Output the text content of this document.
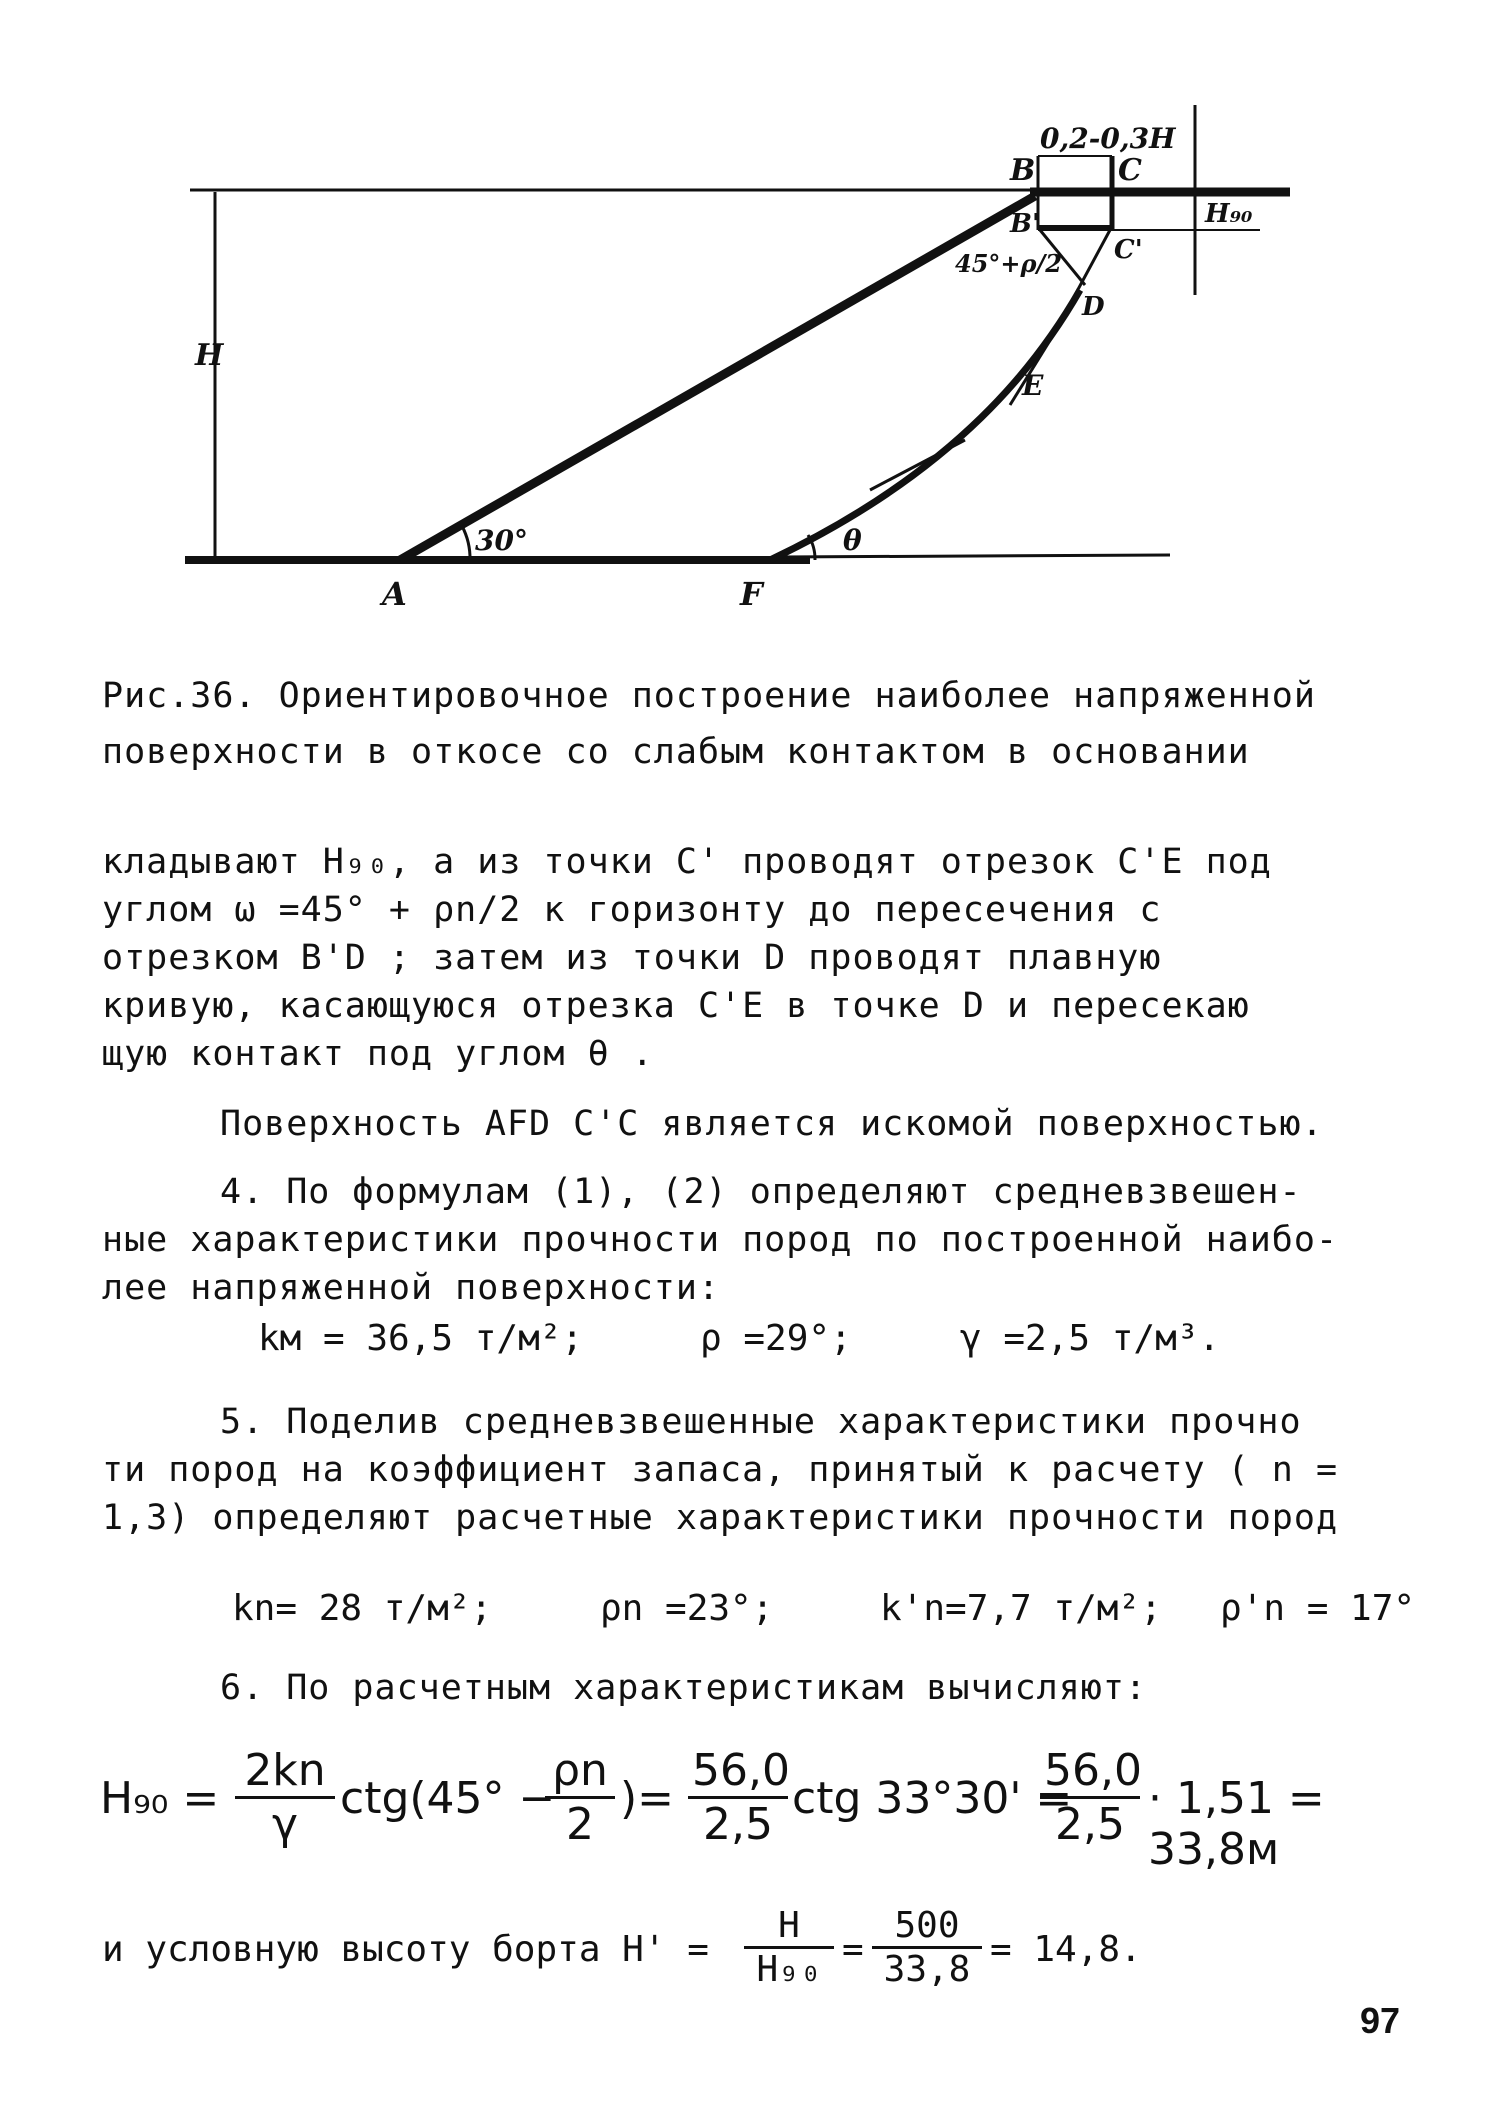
B	C
0,2-0,3H
H₉₀
B'
C'
45°+ρ/2
D
E
H
30°	θ
A	F
Рис.36. Ориентировочное построение наиболее напряженной
поверхности в откосе со слабым контактом в основании
кладывают H₉₀, а из точки C' проводят отрезок C'E под
углом ω =45° + ρn/2 к горизонту до пересечения с
отрезком B'D ; затем из точки D проводят плавную
кривую, касающуюся отрезка C'E в точке D и пересекаю
щую контакт под углом θ .
Поверхность AFD C'C является искомой поверхностью.
4. По формулам (1), (2) определяют средневзвешен-
ные характеристики прочности пород по построенной наибо-
лее напряженной поверхности:
kм = 36,5 т/м²;	ρ =29°;	γ =2,5 т/м³.
5. Поделив средневзвешенные характеристики прочно
ти пород на коэффициент запаса, принятый к расчету ( n =
1,3) определяют расчетные характеристики прочности пород
kn= 28 т/м²;	ρn =23°;	k'n=7,7 т/м²; ρ'n = 17°
6. По расчетным характеристикам вычисляют:
$H_{90} = \frac{2kn}{\gamma} ctg(45^\circ$ −
$\frac{\rho n}{2}$ )= $\frac{56,0}{2,5}$ ctg 33°30' =
$\frac{56,0}{2,5} \cdot 1,51 = 33,8м$
и условную высоту борта $H' = \frac{H}{\text{H₉₀}} = \frac{500}{33,8} = 14,8$.
97
